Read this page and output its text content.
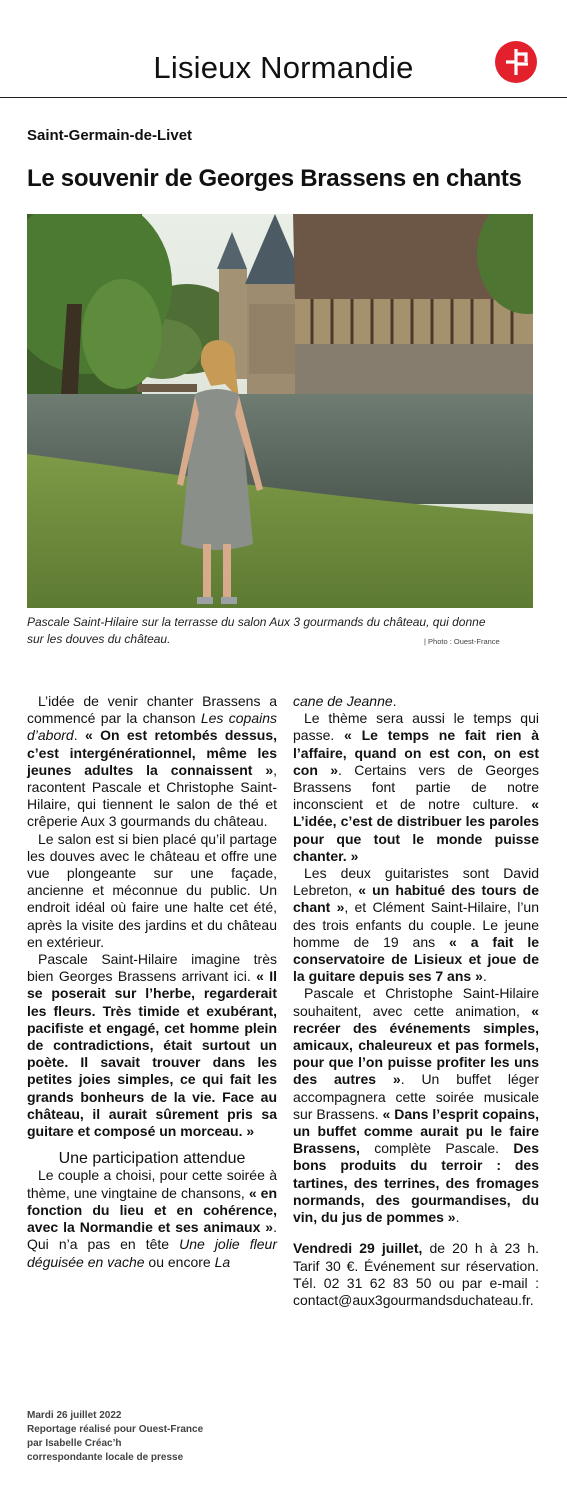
Lisieux Normandie
Saint-Germain-de-Livet
Le souvenir de Georges Brassens en chants
Pascale Saint-Hilaire sur la terrasse du salon Aux 3 gourmands du château, qui donne sur les douves du château.	| Photo : Ouest-France

L’idée de venir chanter Brassens a commencé par la chanson Les copains d’abord. « On est retombés dessus, c’est intergénérationnel, même les jeunes adultes la connaissent », racontent Pascale et Christophe Saint-Hilaire, qui tiennent le salon de thé et crêperie Aux 3 gourmands du château.

Le salon est si bien placé qu’il partage les douves avec le château et offre une vue plongeante sur une façade, ancienne et méconnue du public. Un endroit idéal où faire une halte cet été, après la visite des jardins et du château en extérieur.

Pascale Saint-Hilaire imagine très bien Georges Brassens arrivant ici. « Il se poserait sur l’herbe, regarderait les fleurs. Très timide et exubérant, pacifiste et engagé, cet homme plein de contradictions, était surtout un poète. Il savait trouver dans les petites joies simples, ce qui fait les grands bonheurs de la vie. Face au château, il aurait sûrement pris sa guitare et composé un morceau. »

Une participation attendue

Le couple a choisi, pour cette soirée à thème, une vingtaine de chansons, « en fonction du lieu et en cohérence, avec la Normandie et ses animaux ». Qui n’a pas en tête Une jolie fleur déguisée en vache ou encore La

cane de Jeanne.

Le thème sera aussi le temps qui passe. « Le temps ne fait rien à l’affaire, quand on est con, on est con ». Certains vers de Georges Brassens font partie de notre inconscient et de notre culture. « L’idée, c’est de distribuer les paroles pour que tout le monde puisse chanter. »

Les deux guitaristes sont David Lebreton, « un habitué des tours de chant », et Clément Saint-Hilaire, l’un des trois enfants du couple. Le jeune homme de 19 ans « a fait le conservatoire de Lisieux et joue de la guitare depuis ses 7 ans ».

Pascale et Christophe Saint-Hilaire souhaitent, avec cette animation, « recréer des événements simples, amicaux, chaleureux et pas formels, pour que l’on puisse profiter les uns des autres ». Un buffet léger accompagnera cette soirée musicale sur Brassens. « Dans l’esprit copains, un buffet comme aurait pu le faire Brassens, complète Pascale. Des bons produits du terroir : des tartines, des terrines, des fromages normands, des gourmandises, du vin, du jus de pommes ».

Vendredi 29 juillet, de 20 h à 23 h. Tarif 30 €. Événement sur réservation. Tél. 02 31 62 83 50 ou par e-mail : contact@aux3gourmandsduchateau.fr.

Mardi 26 juillet 2022
Reportage réalisé pour Ouest-France
par Isabelle Créac’h
correspondante locale de presse
